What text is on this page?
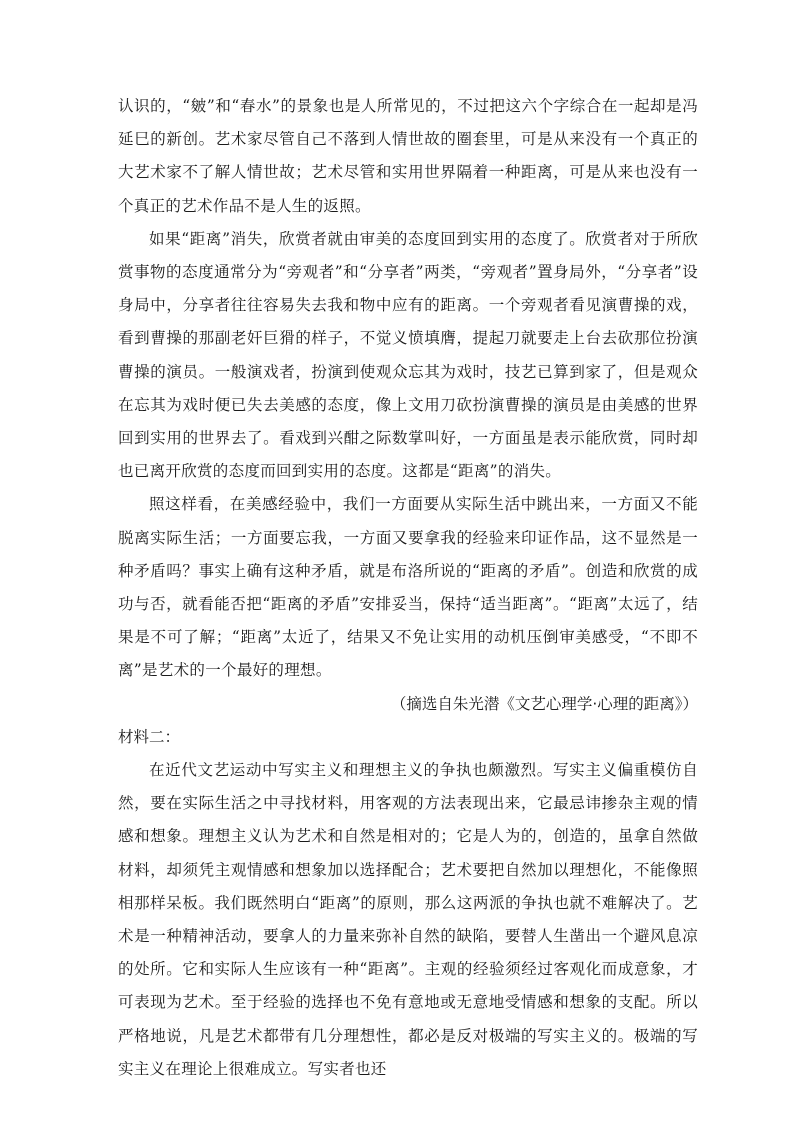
认识的，“皴”和“春水”的景象也是人所常见的，不过把这六个字综合在一起却是冯延巳的新创。艺术家尽管自己不落到人情世故的圈套里，可是从来没有一个真正的大艺术家不了解人情世故；艺术尽管和实用世界隔着一种距离，可是从来也没有一个真正的艺术作品不是人生的返照。

如果“距离”消失，欣赏者就由审美的态度回到实用的态度了。欣赏者对于所欣赏事物的态度通常分为“旁观者”和“分享者”两类，“旁观者”置身局外，“分享者”设身局中，分享者往往容易失去我和物中应有的距离。一个旁观者看见演曹操的戏，看到曹操的那副老奸巨猾的样子，不觉义愤填膺，提起刀就要走上台去砍那位扮演曹操的演员。一般演戏者，扮演到使观众忘其为戏时，技艺已算到家了，但是观众在忘其为戏时便已失去美感的态度，像上文用刀砍扮演曹操的演员是由美感的世界回到实用的世界去了。看戏到兴酣之际数掌叫好，一方面虽是表示能欣赏，同时却也已离开欣赏的态度而回到实用的态度。这都是“距离”的消失。

照这样看，在美感经验中，我们一方面要从实际生活中跳出来，一方面又不能脱离实际生活；一方面要忘我，一方面又要拿我的经验来印证作品，这不显然是一种矛盾吗？事实上确有这种矛盾，就是布洛所说的“距离的矛盾”。创造和欣赏的成功与否，就看能否把“距离的矛盾”安排妥当，保持“适当距离”。“距离”太远了，结果是不可了解；“距离”太近了，结果又不免让实用的动机压倒审美感受，“不即不离”是艺术的一个最好的理想。

（摘选自朱光潜《文艺心理学·心理的距离》）

材料二：

在近代文艺运动中写实主义和理想主义的争执也颇激烈。写实主义偏重模仿自然，要在实际生活之中寻找材料，用客观的方法表现出来，它最忌讳掺杂主观的情感和想象。理想主义认为艺术和自然是相对的；它是人为的，创造的，虽拿自然做材料，却须凭主观情感和想象加以选择配合；艺术要把自然加以理想化，不能像照相那样呆板。我们既然明白“距离”的原则，那么这两派的争执也就不难解决了。艺术是一种精神活动，要拿人的力量来弥补自然的缺陷，要替人生凿出一个避风息凉的处所。它和实际人生应该有一种“距离”。主观的经验须经过客观化而成意象，才可表现为艺术。至于经验的选择也不免有意地或无意地受情感和想象的支配。所以严格地说，凡是艺术都带有几分理想性，都必是反对极端的写实主义的。极端的写实主义在理论上很难成立。写实者也还
